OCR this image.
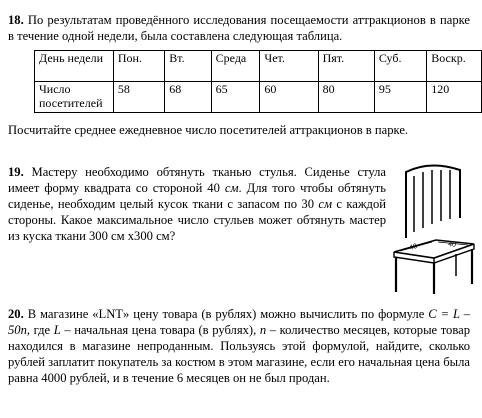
18. По результатам проведённого исследования посещаемости аттракционов в парке в течение одной недели, была составлена следующая таблица.
День недели	Пон.	Вт.	Среда	Чет.	Пят.	Суб.	Воскр.
Число посетителей	58	68	65	60	80	95	120
Посчитайте среднее ежедневное число посетителей аттракционов в парке.
19. Мастеру необходимо обтянуть тканью стулья. Сиденье стула имеет форму квадрата со стороной 40 см. Для того чтобы обтянуть сиденье, необходим целый кусок ткани с запасом по 30 см с каждой стороны. Какое максимальное число стульев может обтянуть мастер из куска ткани 300 см х300 см?
40	40
20. В магазине «LNT» цену товара (в рублях) можно вычислить по формуле C = L – 50n, где L – начальная цена товара (в рублях), n – количество месяцев, которые товар находился в магазине непроданным. Пользуясь этой формулой, найдите, сколько рублей заплатит покупатель за костюм в этом магазине, если его начальная цена была равна 4000 рублей, и в течение 6 месяцев он не был продан.
